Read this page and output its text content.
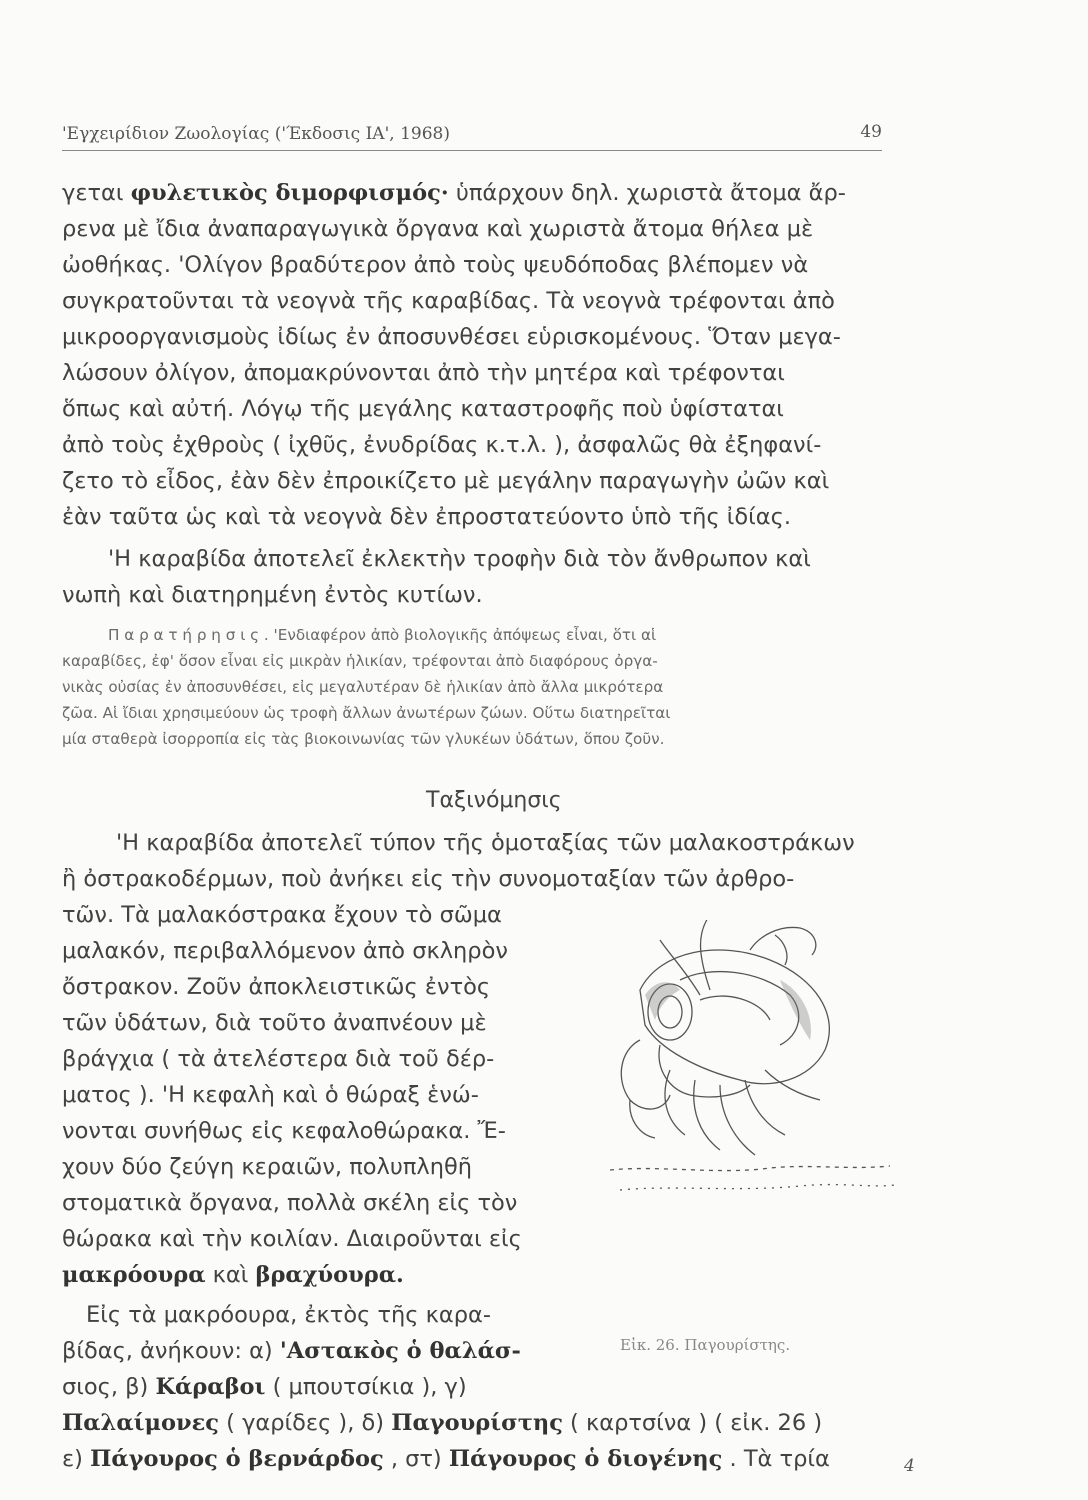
'Εγχειρίδιον Ζωολογίας ('Έκδοσις ΙΑ', 1968)	49
γεται φυλετικὸς διμορφισμός· ὑπάρχουν δηλ. χωριστὰ ἄτομα ἄρ-
ρενα μὲ ἴδια ἀναπαραγωγικὰ ὄργανα καὶ χωριστὰ ἄτομα θήλεα μὲ
ὠοθήκας. 'Ολίγον βραδύτερον ἀπὸ τοὺς ψευδόποδας βλέπομεν νὰ
συγκρατοῦνται τὰ νεογνὰ τῆς καραβίδας. Τὰ νεογνὰ τρέφονται ἀπὸ
μικροοργανισμοὺς ἰδίως ἐν ἀποσυνθέσει εὑρισκομένους. Ὅταν μεγα-
λώσουν ὀλίγον, ἀπομακρύνονται ἀπὸ τὴν μητέρα καὶ τρέφονται
ὅπως καὶ αὐτή. Λόγῳ τῆς μεγάλης καταστροφῆς ποὺ ὑφίσταται
ἀπὸ τοὺς ἐχθροὺς ( ἰχθῦς, ἐνυδρίδας κ.τ.λ. ), ἀσφαλῶς θὰ ἐξηφανί-
ζετο τὸ εἶδος, ἐὰν δὲν ἐπροικίζετο μὲ μεγάλην παραγωγὴν ὠῶν καὶ
ἐὰν ταῦτα ὡς καὶ τὰ νεογνὰ δὲν ἐπροστατεύοντο ὑπὸ τῆς ἰδίας.
'Η καραβίδα ἀποτελεῖ ἐκλεκτὴν τροφὴν διὰ τὸν ἄνθρωπον καὶ
νωπὴ καὶ διατηρημένη ἐντὸς κυτίων.
Π α ρ α τ ή ρ η σ ι ς . 'Ενδιαφέρον ἀπὸ βιολογικῆς ἀπόψεως εἶναι, ὅτι αἱ
καραβίδες, ἐφ' ὅσον εἶναι εἰς μικρὰν ἡλικίαν, τρέφονται ἀπὸ διαφόρους ὀργα-
νικὰς οὐσίας ἐν ἀποσυνθέσει, εἰς μεγαλυτέραν δὲ ἡλικίαν ἀπὸ ἄλλα μικρότερα
ζῶα. Αἱ ἴδιαι χρησιμεύουν ὡς τροφὴ ἄλλων ἀνωτέρων ζώων. Οὕτω διατηρεῖται
μία σταθερὰ ἰσορροπία εἰς τὰς βιοκοινωνίας τῶν γλυκέων ὑδάτων, ὅπου ζοῦν.
Ταξινόμησις
'Η καραβίδα ἀποτελεῖ τύπον τῆς ὁμοταξίας τῶν μαλακοστράκων
ἢ ὀστρακοδέρμων, ποὺ ἀνήκει εἰς τὴν συνομοταξίαν τῶν ἀρθρο-
τῶν. Τὰ μαλακόστρακα ἔχουν τὸ σῶμα
μαλακόν, περιβαλλόμενον ἀπὸ σκληρὸν
ὄστρακον. Ζοῦν ἀποκλειστικῶς ἐντὸς
τῶν ὑδάτων, διὰ τοῦτο ἀναπνέουν μὲ
βράγχια ( τὰ ἀτελέστερα διὰ τοῦ δέρ-
ματος ). 'Η κεφαλὴ καὶ ὁ θώραξ ἑνώ-
νονται συνήθως εἰς κεφαλοθώρακα. Ἔ-
χουν δύο ζεύγη κεραιῶν, πολυπληθῆ
στοματικὰ ὄργανα, πολλὰ σκέλη εἰς τὸν
θώρακα καὶ τὴν κοιλίαν. Διαιροῦνται εἰς
μακρόουρα καὶ βραχύουρα.
Εἰς τὰ μακρόουρα, ἐκτὸς τῆς καρα-
βίδας, ἀνήκουν: α) 'Αστακὸς ὁ θαλάσ-
σιος, β) Κάραβοι ( μπουτσίκια ), γ)
Παλαίμονες ( γαρίδες ), δ) Παγουρίστης ( καρτσίνα ) ( εἰκ. 26 )
ε) Πάγουρος ὁ βερνάρδος , στ) Πάγουρος ὁ διογένης . Τὰ τρία
Εἰκ. 26. Παγουρίστης.
4
